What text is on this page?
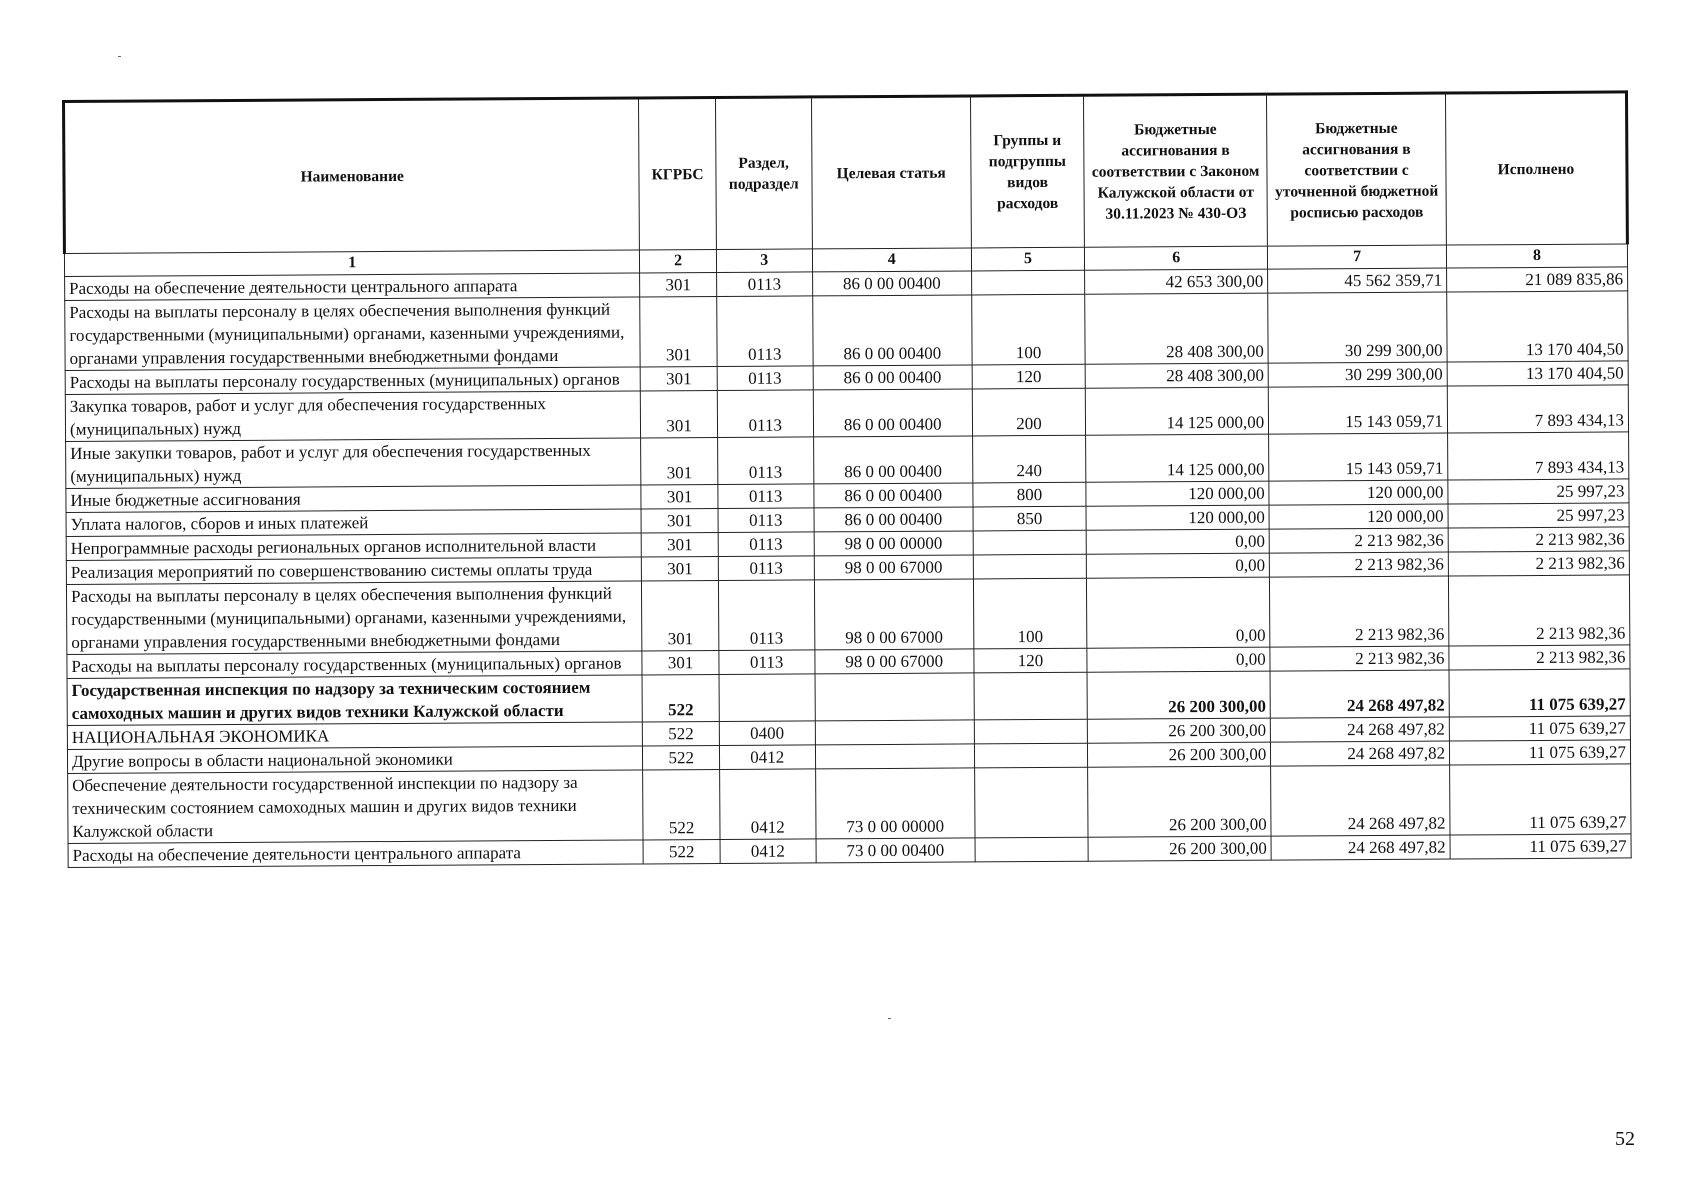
Наименование	КГРБС	Раздел, подраздел	Целевая статья	Группы и подгруппы видов расходов	Бюджетные ассигнования в соответствии с Законом Калужской области от 30.11.2023 № 430-ОЗ	Бюджетные ассигнования в соответствии с уточненной бюджетной росписью расходов	Исполнено
1	2	3	4	5	6	7	8
Расходы на обеспечение деятельности центрального аппарата	301	0113	86 0 00 00400		42 653 300,00	45 562 359,71	21 089 835,86
Расходы на выплаты персоналу в целях обеспечения выполнения функций государственными (муниципальными) органами, казенными учреждениями, органами управления государственными внебюджетными фондами	301	0113	86 0 00 00400	100	28 408 300,00	30 299 300,00	13 170 404,50
Расходы на выплаты персоналу государственных (муниципальных) органов	301	0113	86 0 00 00400	120	28 408 300,00	30 299 300,00	13 170 404,50
Закупка товаров, работ и услуг для обеспечения государственных (муниципальных) нужд	301	0113	86 0 00 00400	200	14 125 000,00	15 143 059,71	7 893 434,13
Иные закупки товаров, работ и услуг для обеспечения государственных (муниципальных) нужд	301	0113	86 0 00 00400	240	14 125 000,00	15 143 059,71	7 893 434,13
Иные бюджетные ассигнования	301	0113	86 0 00 00400	800	120 000,00	120 000,00	25 997,23
Уплата налогов, сборов и иных платежей	301	0113	86 0 00 00400	850	120 000,00	120 000,00	25 997,23
Непрограммные расходы региональных органов исполнительной власти	301	0113	98 0 00 00000		0,00	2 213 982,36	2 213 982,36
Реализация мероприятий по совершенствованию системы оплаты труда	301	0113	98 0 00 67000		0,00	2 213 982,36	2 213 982,36
Расходы на выплаты персоналу в целях обеспечения выполнения функций государственными (муниципальными) органами, казенными учреждениями, органами управления государственными внебюджетными фондами	301	0113	98 0 00 67000	100	0,00	2 213 982,36	2 213 982,36
Расходы на выплаты персоналу государственных (муниципальных) органов	301	0113	98 0 00 67000	120	0,00	2 213 982,36	2 213 982,36
Государственная инспекция по надзору за техническим состоянием самоходных машин и других видов техники Калужской области	522				26 200 300,00	24 268 497,82	11 075 639,27
НАЦИОНАЛЬНАЯ ЭКОНОМИКА	522	0400			26 200 300,00	24 268 497,82	11 075 639,27
Другие вопросы в области национальной экономики	522	0412			26 200 300,00	24 268 497,82	11 075 639,27
Обеспечение деятельности государственной инспекции по надзору за техническим состоянием самоходных машин и других видов техники Калужской области	522	0412	73 0 00 00000		26 200 300,00	24 268 497,82	11 075 639,27
Расходы на обеспечение деятельности центрального аппарата	522	0412	73 0 00 00400		26 200 300,00	24 268 497,82	11 075 639,27
52
